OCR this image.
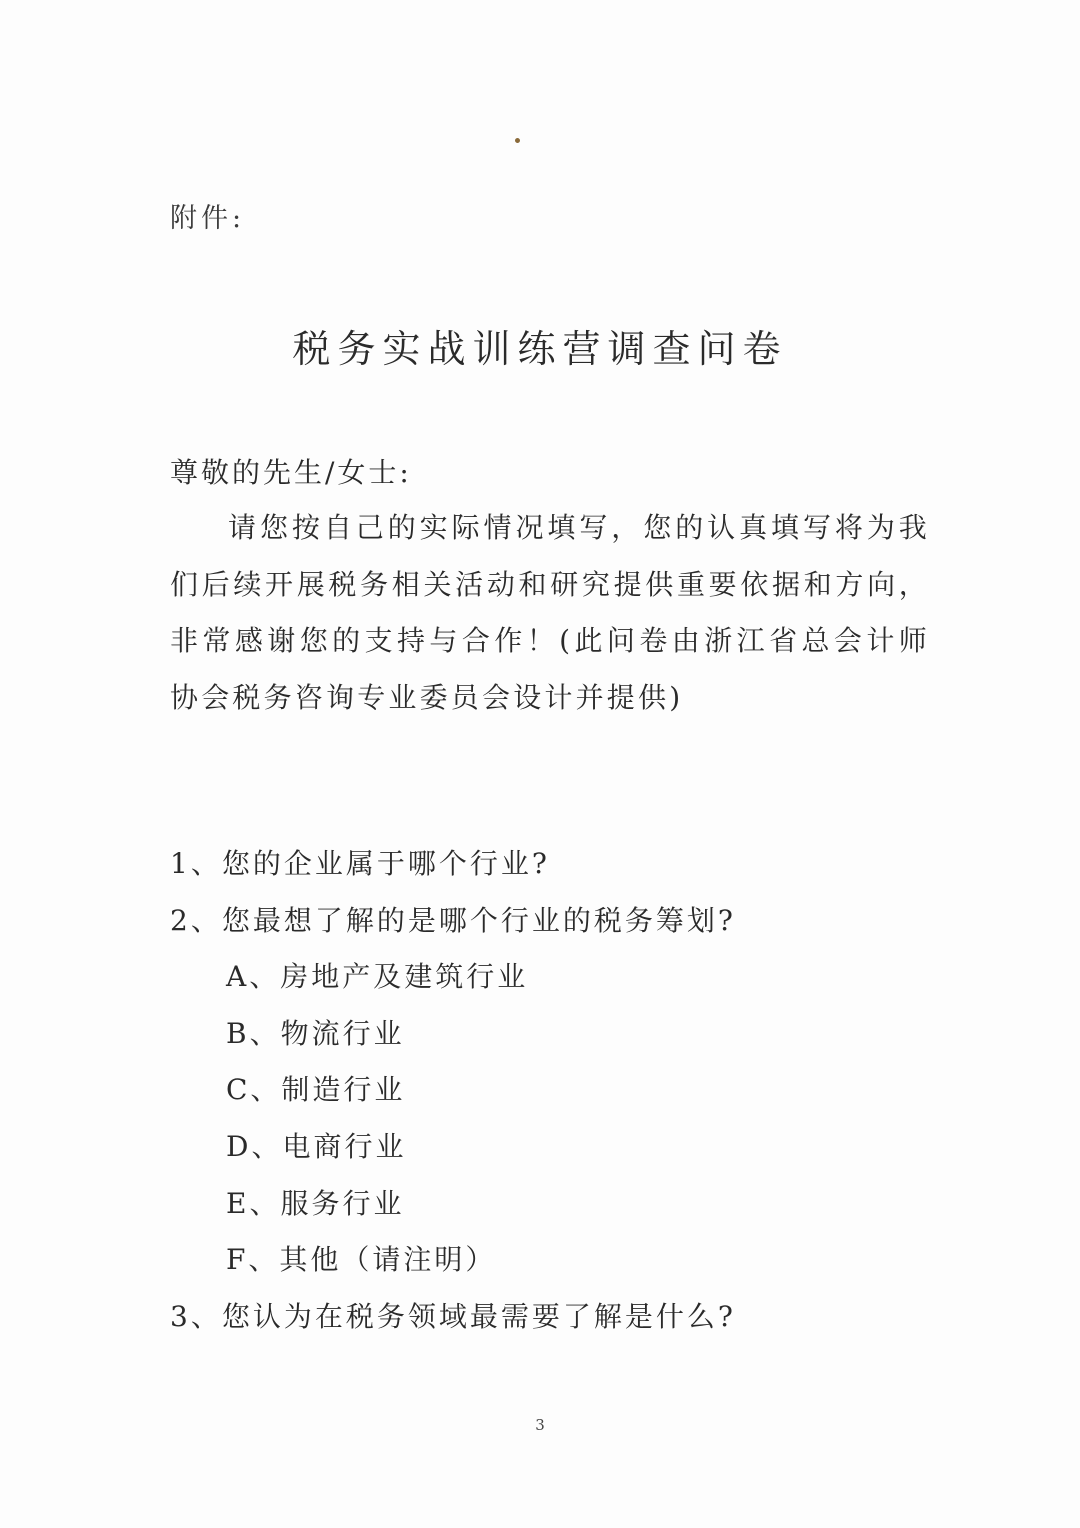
附件:
税务实战训练营调查问卷
尊敬的先生/女士:
请您按自己的实际情况填写，您的认真填写将为我们后续开展税务相关活动和研究提供重要依据和方向，非常感谢您的支持与合作！(此问卷由浙江省总会计师协会税务咨询专业委员会设计并提供)
1、您的企业属于哪个行业?
2、您最想了解的是哪个行业的税务筹划?
A、房地产及建筑行业
B、物流行业
C、制造行业
D、电商行业
E、服务行业
F、其他（请注明）
3、您认为在税务领域最需要了解是什么?
3
